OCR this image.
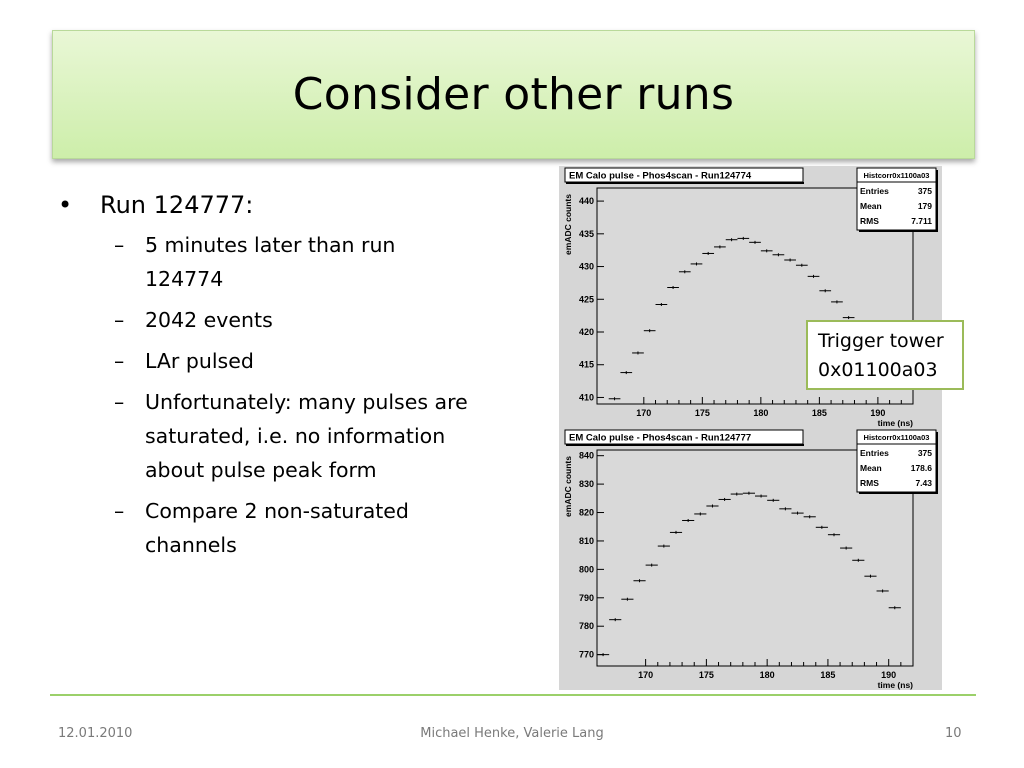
Consider other runs
•	Run 124777:
–	5 minutes later than run 124774
–	2042 events
–	LAr pulsed
–	Unfortunately: many pulses are saturated, i.e. no information about pulse peak form
–	Compare 2 non-saturated channels
170	175	180	185	190
410
415
420
425
430
435
440
EM Calo pulse - Phos4scan - Run124774	Histcorr0x1100a03
Entries	375
Mean	179
RMS	7.711
time (ns)
emADC counts
170	175	180	185	190
770
780
790
800
810
820
830
840
EM Calo pulse - Phos4scan - Run124777	Histcorr0x1100a03
Entries	375
Mean	178.6
RMS	7.43
time (ns)
emADC counts
Trigger tower
0x01100a03
12.01.2010	Michael Henke, Valerie Lang	10
